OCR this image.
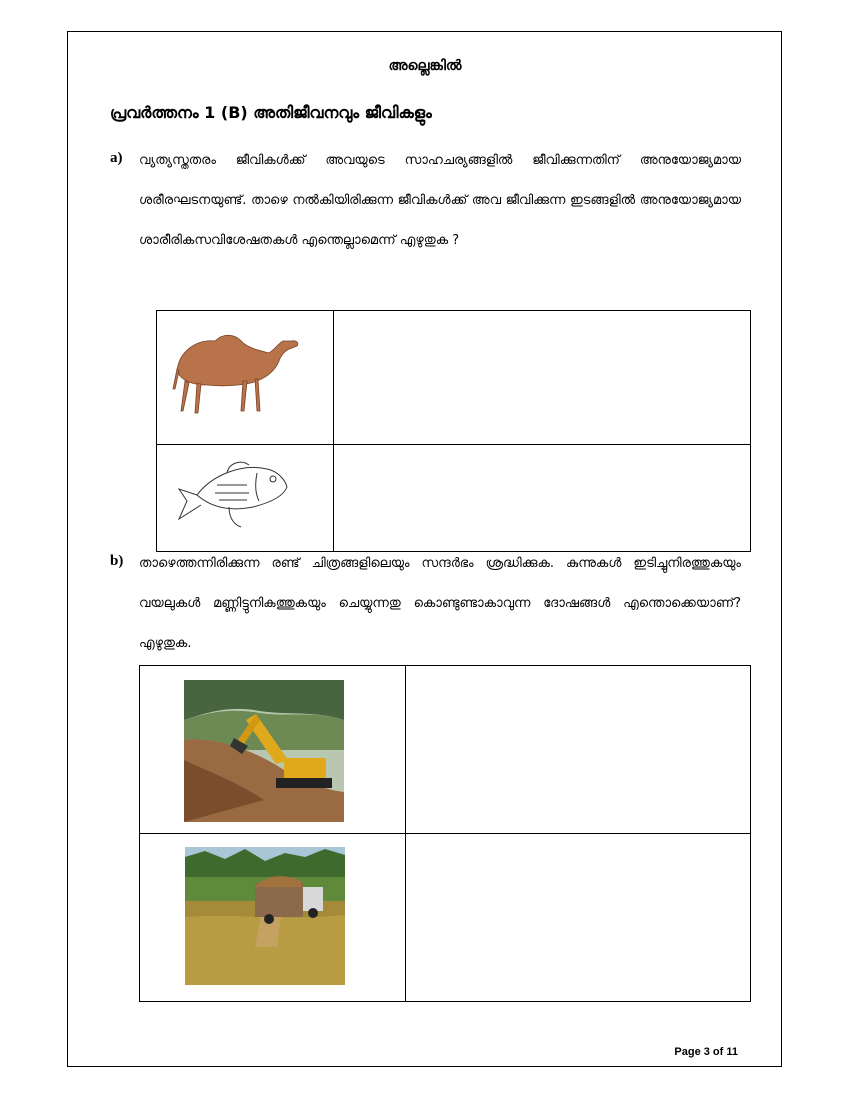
അല്ലെങ്കിൽ
പ്രവർത്തനം 1 (B) അതിജീവനവും ജീവികളും
a) വ്യത്യസ്തതരം ജീവികൾക്ക് അവയുടെ സാഹചര്യങ്ങളിൽ ജീവിക്കുന്നതിന് അനുയോജ്യമായ ശരീരഘടനയുണ്ട്. താഴെ നൽകിയിരിക്കുന്ന ജീവികൾക്ക് അവ ജീവിക്കുന്ന ഇടങ്ങളിൽ അനുയോജ്യമായ ശാരീരികസവിശേഷതകൾ എന്തെല്ലാമെന്ന് എഴുതുക ?

b) താഴെത്തന്നിരിക്കുന്ന രണ്ട് ചിത്രങ്ങളിലെയും സന്ദർഭം ശ്രദ്ധിക്കുക. കുന്നുകൾ ഇടിച്ചുനിരത്തുകയും വയലുകൾ മണ്ണിട്ടുനികത്തുകയും ചെയ്യുന്നതു കൊണ്ടുണ്ടാകാവുന്ന ദോഷങ്ങൾ എന്തൊക്കെയാണ്? എഴുതുക.

Page 3 of 11
